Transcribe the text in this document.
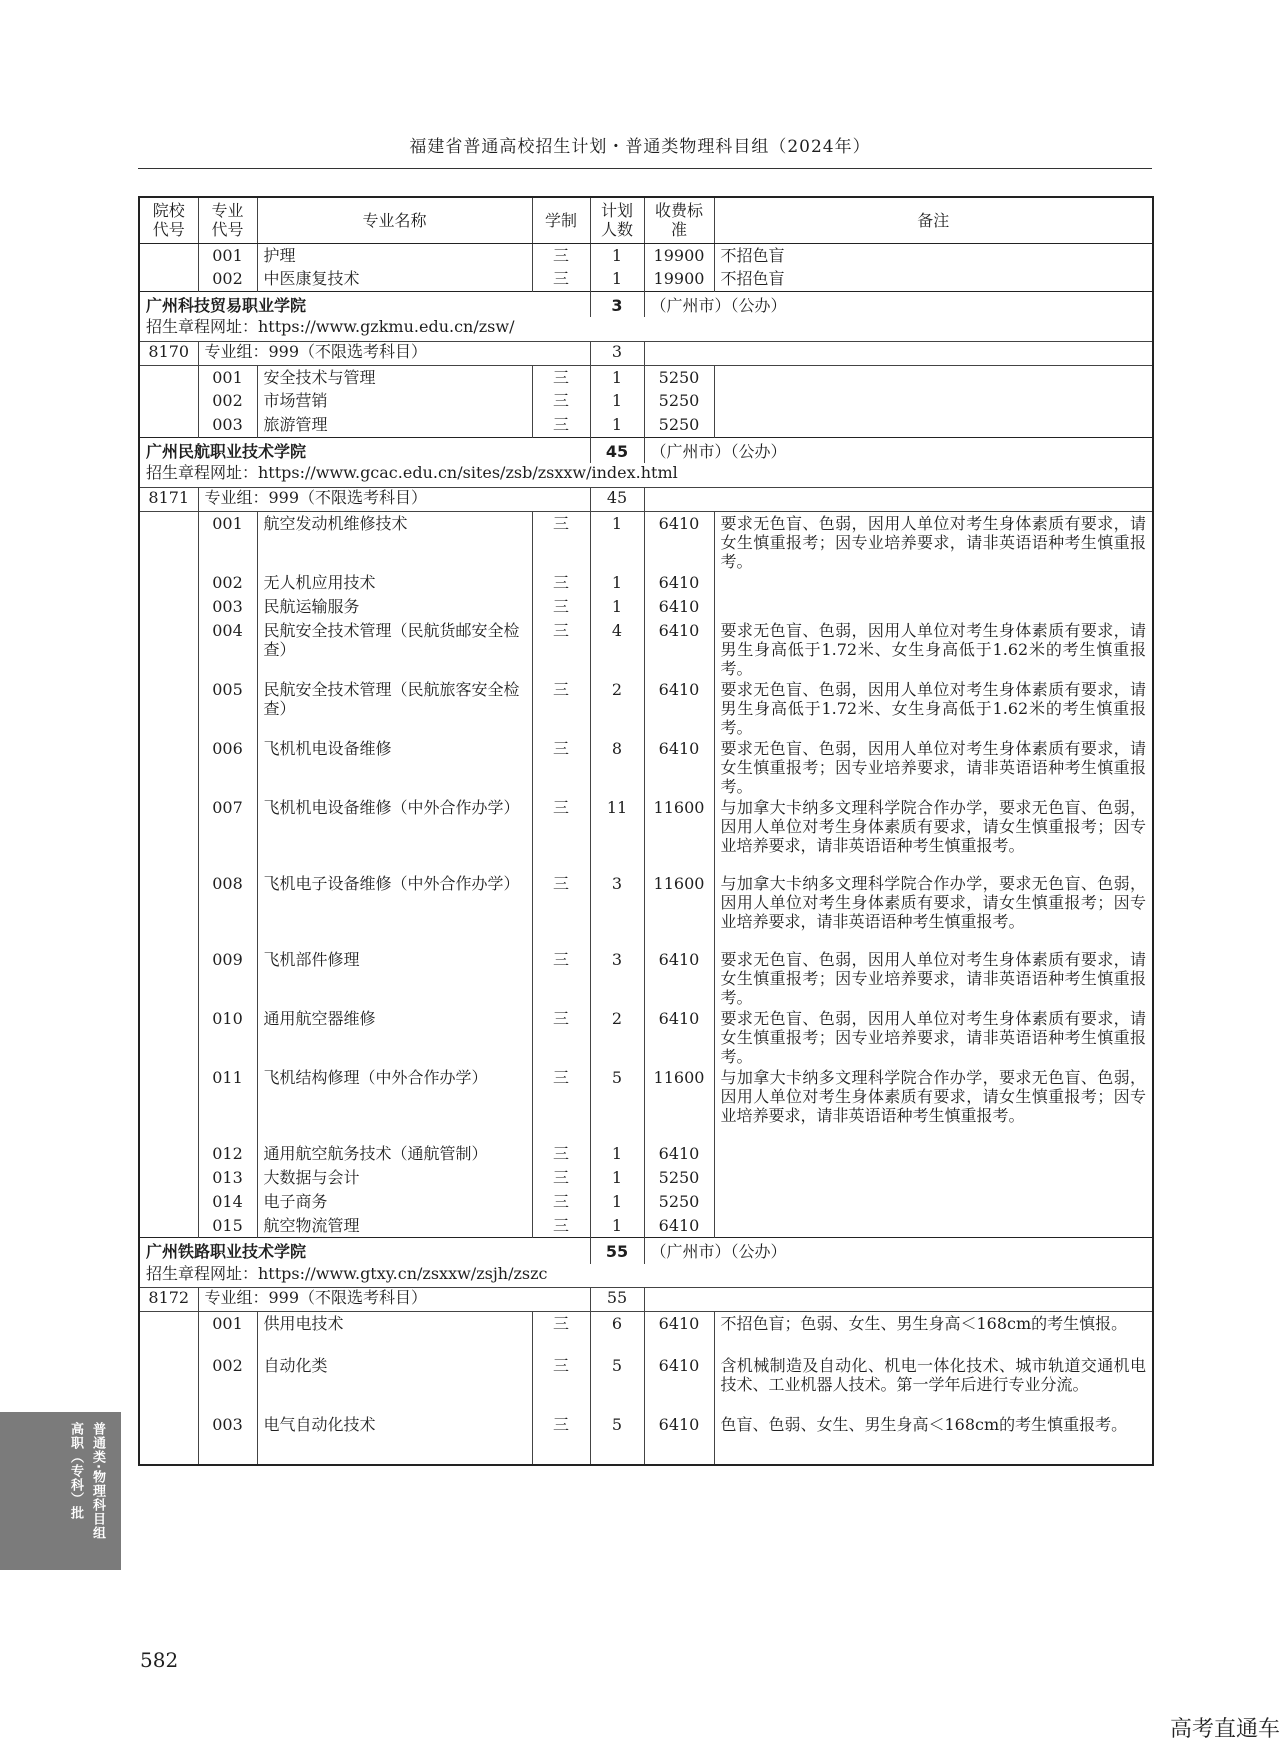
福建省普通高校招生计划・普通类物理科目组（2024年）
院校代号	专业代号	专业名称	学制	计划人数	收费标准	备注
	001	护理	三	1	19900	不招色盲
	002	中医康复技术	三	1	19900	不招色盲
广州科技贸易职业学院				3	（广州市）（公办）	
招生章程网址：https://www.gzkmu.edu.cn/zsw/						
8170	专业组：999（不限选考科目）			3		
	001	安全技术与管理	三	1	5250	
	002	市场营销	三	1	5250	
	003	旅游管理	三	1	5250	
广州民航职业技术学院				45	（广州市）（公办）	
招生章程网址：https://www.gcac.edu.cn/sites/zsb/zsxxw/index.html						
8171	专业组：999（不限选考科目）			45		
	001	航空发动机维修技术	三	1	6410	要求无色盲、色弱，因用人单位对考生身体素质有要求，请女生慎重报考；因专业培养要求，请非英语语种考生慎重报考。
	002	无人机应用技术	三	1	6410	
	003	民航运输服务	三	1	6410	
	004	民航安全技术管理（民航货邮安全检查）	三	4	6410	要求无色盲、色弱，因用人单位对考生身体素质有要求，请男生身高低于1.72米、女生身高低于1.62米的考生慎重报考。
	005	民航安全技术管理（民航旅客安全检查）	三	2	6410	要求无色盲、色弱，因用人单位对考生身体素质有要求，请男生身高低于1.72米、女生身高低于1.62米的考生慎重报考。
	006	飞机机电设备维修	三	8	6410	要求无色盲、色弱，因用人单位对考生身体素质有要求，请女生慎重报考；因专业培养要求，请非英语语种考生慎重报考。
	007	飞机机电设备维修（中外合作办学）	三	11	11600	与加拿大卡纳多文理科学院合作办学，要求无色盲、色弱，因用人单位对考生身体素质有要求，请女生慎重报考；因专业培养要求，请非英语语种考生慎重报考。
	008	飞机电子设备维修（中外合作办学）	三	3	11600	与加拿大卡纳多文理科学院合作办学，要求无色盲、色弱，因用人单位对考生身体素质有要求，请女生慎重报考；因专业培养要求，请非英语语种考生慎重报考。
	009	飞机部件修理	三	3	6410	要求无色盲、色弱，因用人单位对考生身体素质有要求，请女生慎重报考；因专业培养要求，请非英语语种考生慎重报考。
	010	通用航空器维修	三	2	6410	要求无色盲、色弱，因用人单位对考生身体素质有要求，请女生慎重报考；因专业培养要求，请非英语语种考生慎重报考。
	011	飞机结构修理（中外合作办学）	三	5	11600	与加拿大卡纳多文理科学院合作办学，要求无色盲、色弱，因用人单位对考生身体素质有要求，请女生慎重报考；因专业培养要求，请非英语语种考生慎重报考。
	012	通用航空航务技术（通航管制）	三	1	6410	
	013	大数据与会计	三	1	5250	
	014	电子商务	三	1	5250	
	015	航空物流管理	三	1	6410	
广州铁路职业技术学院				55	（广州市）（公办）	
招生章程网址：https://www.gtxy.cn/zsxxw/zsjh/zszc						
8172	专业组：999（不限选考科目）			55		
	001	供用电技术	三	6	6410	不招色盲；色弱、女生、男生身高＜168cm的考生慎报。
	002	自动化类	三	5	6410	含机械制造及自动化、机电一体化技术、城市轨道交通机电技术、工业机器人技术。第一学年后进行专业分流。
	003	电气自动化技术	三	5	6410	色盲、色弱、女生、男生身高＜168cm的考生慎重报考。

普通类·物理科目组
高职（专科）批
582
高考直通车
